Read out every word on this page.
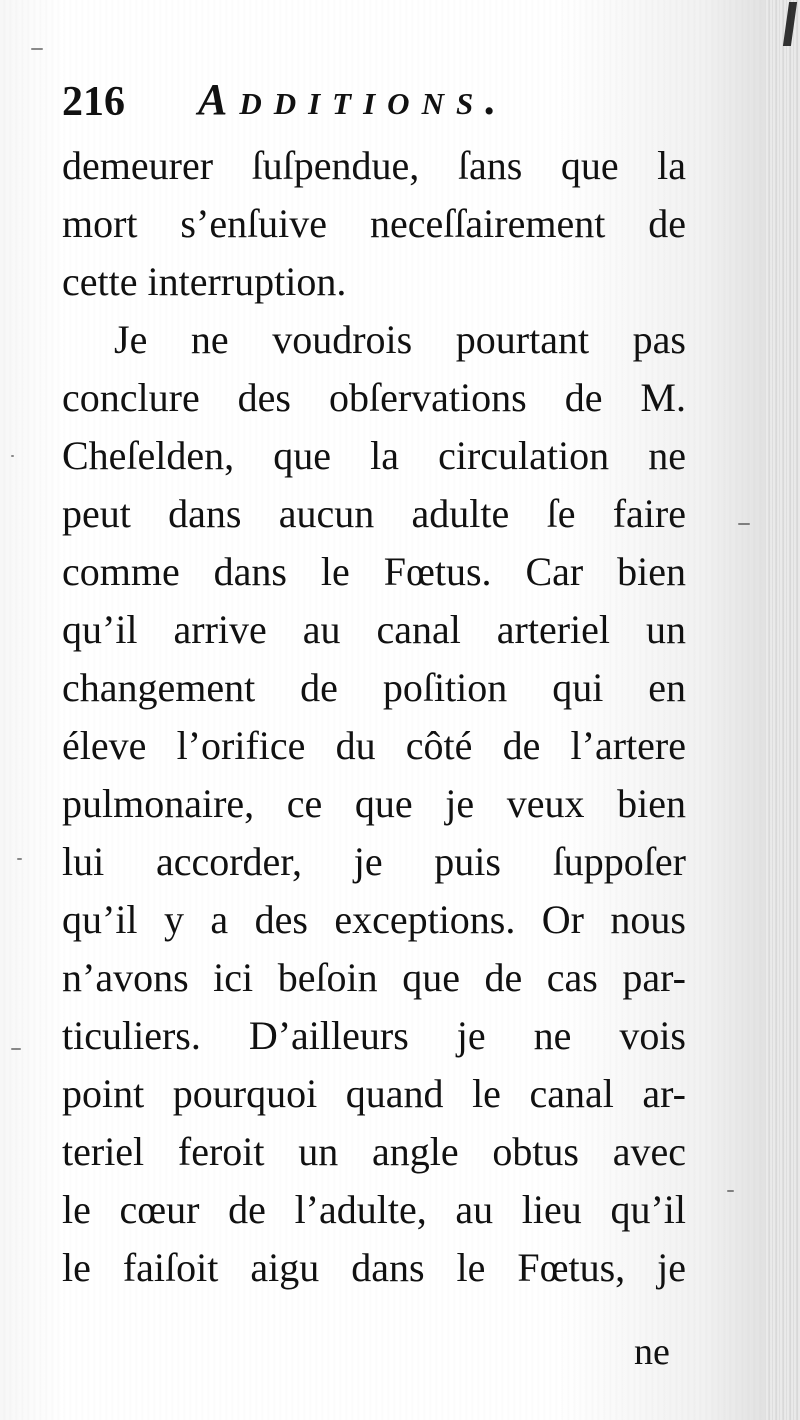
216 Additions.
demeurer ſuſpendue, ſans que la
mort s’enſuive neceſſairement de
cette interruption.
Je ne voudrois pourtant pas
conclure des obſervations de M.
Cheſelden, que la circulation ne
peut dans aucun adulte ſe faire
comme dans le Fœtus. Car bien
qu’il arrive au canal arteriel un
changement de poſition qui en
éleve l’orifice du côté de l’artere
pulmonaire, ce que je veux bien
lui accorder, je puis ſuppoſer
qu’il y a des exceptions. Or nous
n’avons ici beſoin que de cas par-
ticuliers. D’ailleurs je ne vois
point pourquoi quand le canal ar-
teriel feroit un angle obtus avec
le cœur de l’adulte, au lieu qu’il
le faiſoit aigu dans le Fœtus, je
ne
